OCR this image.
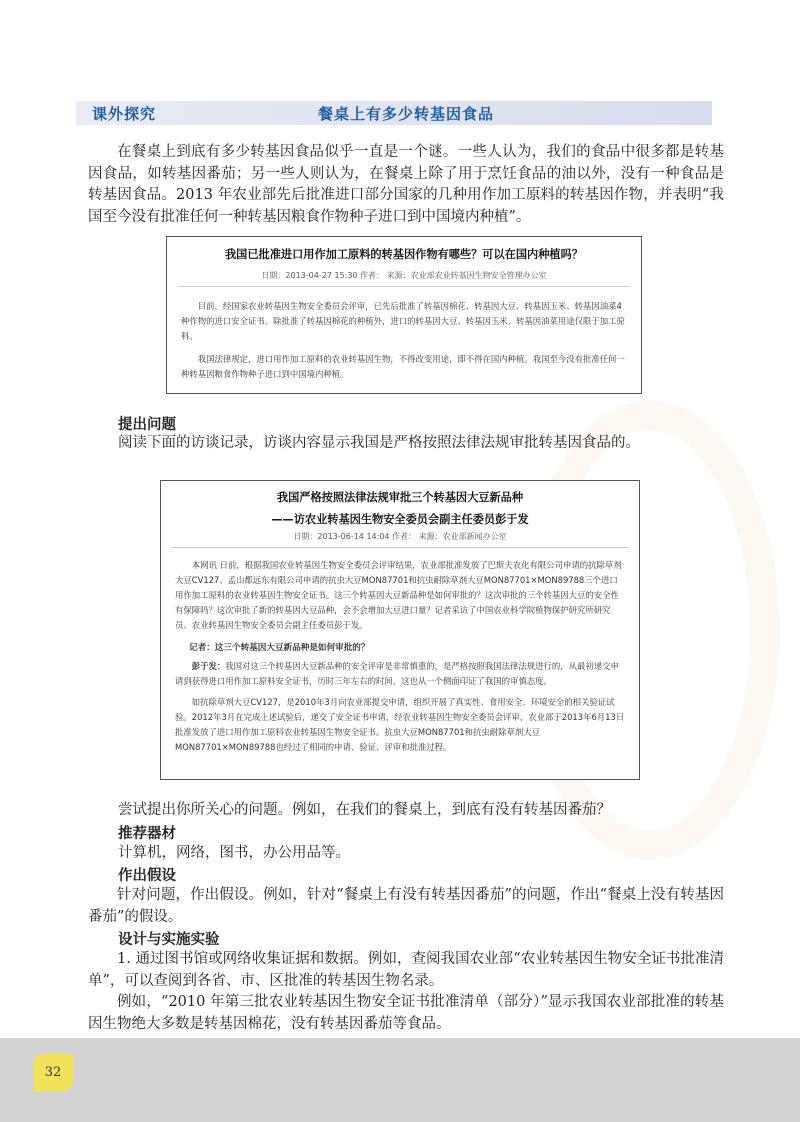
课外探究	餐桌上有多少转基因食品
在餐桌上到底有多少转基因食品似乎一直是一个谜。一些人认为，我们的食品中很多都是转基因食品，如转基因番茄；另一些人则认为，在餐桌上除了用于烹饪食品的油以外，没有一种食品是转基因食品。2013 年农业部先后批准进口部分国家的几种用作加工原料的转基因作物，并表明“我国至今没有批准任何一种转基因粮食作物种子进口到中国境内种植”。
我国已批准进口用作加工原料的转基因作物有哪些？可以在国内种植吗？
日期：2013-04-27 15:30 作者： 来源：农业部农业转基因生物安全管理办公室

目前，经国家农业转基因生物安全委员会评审，已先后批准了转基因棉花、转基因大豆、转基因玉米、转基因油菜4种作物的进口安全证书。除批准了转基因棉花的种植外，进口的转基因大豆、转基因玉米、转基因油菜用途仅限于加工原料。

我国法律规定，进口用作加工原料的农业转基因生物，不得改变用途，即不得在国内种植。我国至今没有批准任何一种转基因粮食作物种子进口到中国境内种植。

提出问题
阅读下面的访谈记录，访谈内容显示我国是严格按照法律法规审批转基因食品的。
我国严格按照法律法规审批三个转基因大豆新品种
——访农业转基因生物安全委员会副主任委员彭于发
日期：2013-06-14 14:04 作者： 来源：农业部新闻办公室

本网讯 日前，根据我国农业转基因生物安全委员会评审结果，农业部批准发放了巴斯夫农化有限公司申请的抗除草剂大豆CV127、孟山都远东有限公司申请的抗虫大豆MON87701和抗虫耐除草剂大豆MON87701×MON89788三个进口用作加工原料的农业转基因生物安全证书。这三个转基因大豆新品种是如何审批的？这次审批的三个转基因大豆的安全性有保障吗？这次审批了新的转基因大豆品种，会不会增加大豆进口量？记者采访了中国农业科学院植物保护研究所研究员、农业转基因生物安全委员会副主任委员彭于发。

记者：这三个转基因大豆新品种是如何审批的？

彭于发：我国对这三个转基因大豆新品种的安全评审是非常慎重的，是严格按照我国法律法规进行的，从最初递交申请到获得进口用作加工原料安全证书，历时三年左右的时间，这也从一个侧面印证了我国的审慎态度。

如抗除草剂大豆CV127，是2010年3月向农业部提交申请，组织开展了真实性、食用安全、环境安全的相关验证试验。2012年3月在完成上述试验后，递交了安全证书申请，经农业转基因生物安全委员会评审，农业部于2013年6月13日批准发放了进口用作加工原料农业转基因生物安全证书。抗虫大豆MON87701和抗虫耐除草剂大豆MON87701×MON89788也经过了相同的申请、验证、评审和批准过程。

尝试提出你所关心的问题。例如，在我们的餐桌上，到底有没有转基因番茄？
推荐器材
计算机，网络，图书，办公用品等。
作出假设
针对问题，作出假设。例如，针对“餐桌上有没有转基因番茄”的问题，作出“餐桌上没有转基因番茄”的假设。
设计与实施实验
1. 通过图书馆或网络收集证据和数据。例如，查阅我国农业部“农业转基因生物安全证书批准清单”，可以查阅到各省、市、区批准的转基因生物名录。
例如，“2010 年第三批农业转基因生物安全证书批准清单（部分）”显示我国农业部批准的转基因生物绝大多数是转基因棉花，没有转基因番茄等食品。
32
